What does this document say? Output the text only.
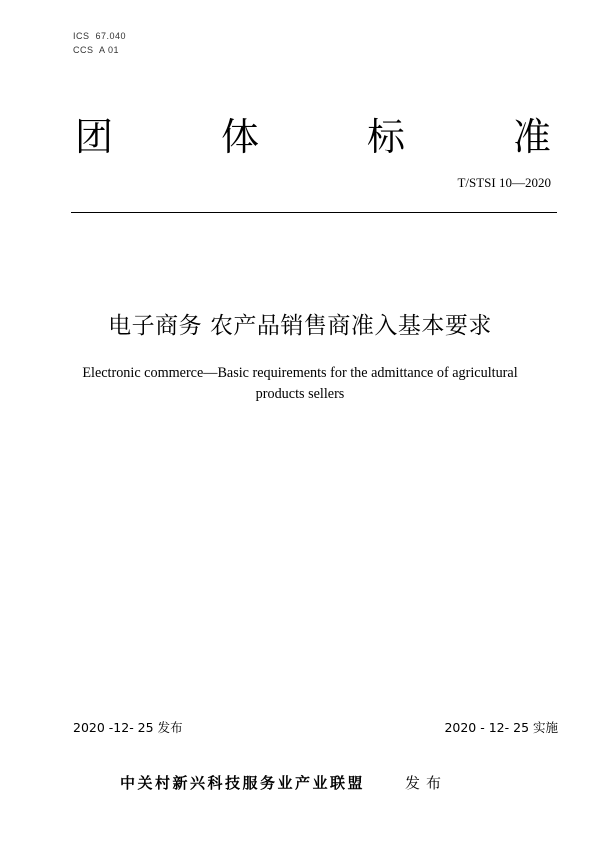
ICS  67.040
CCS  A 01
团	体	标	准
T/STSI 10—2020
电子商务 农产品销售商准入基本要求
Electronic commerce—Basic requirements for the admittance of agricultural products sellers
2020 -12- 25 发布	2020 - 12- 25 实施
中关村新兴科技服务业产业联盟	发布
